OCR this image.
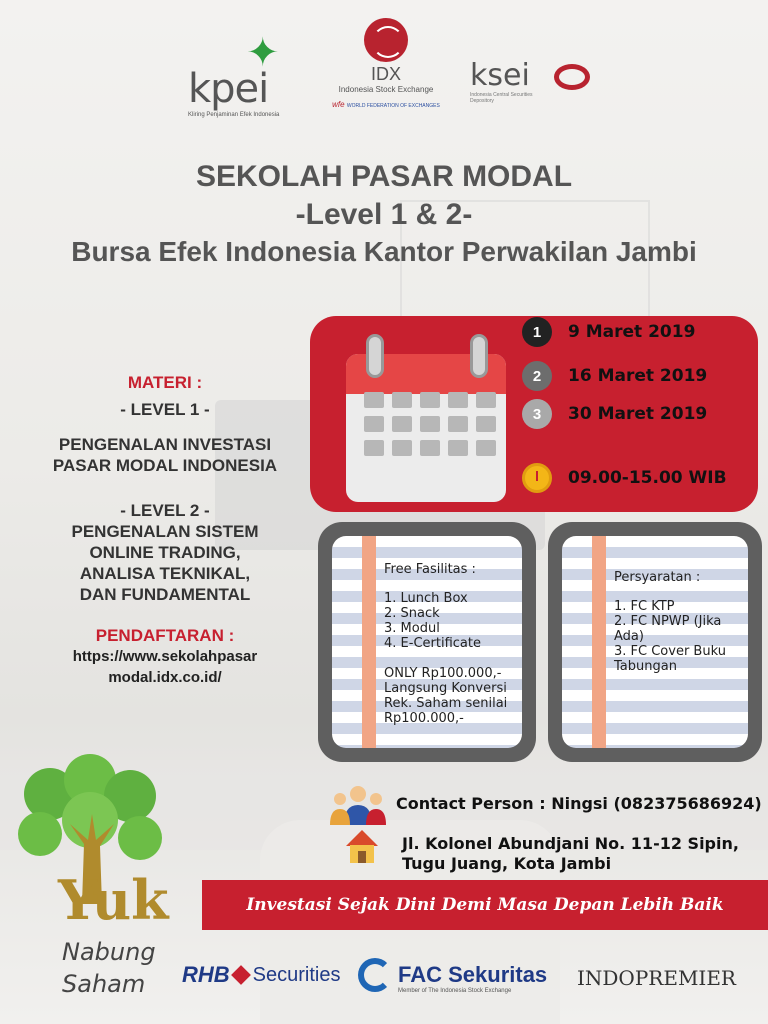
✦
kpei
Kliring Penjaminan Efek Indonesia
IDX
Indonesia Stock Exchange
wfe WORLD FEDERATION OF EXCHANGES
ksei
Indonesia Central Securities Depository
SEKOLAH PASAR MODAL
-Level 1 & 2-
Bursa Efek Indonesia Kantor Perwakilan Jambi

MATERI :

- LEVEL 1 -

PENGENALAN INVESTASI

PASAR MODAL INDONESIA

- LEVEL 2 -

PENGENALAN SISTEM

ONLINE TRADING,

ANALISA TEKNIKAL,

DAN FUNDAMENTAL

PENDAFTARAN :

https://www.sekolahpasar
modal.idx.co.id/

1	9 Maret 2019
2	16 Maret 2019
3	30 Maret 2019
09.00-15.00 WIB

Free Fasilitas :

1. Lunch Box

2. Snack

3. Modul

4. E-Certificate

ONLY Rp100.000,-

Langsung Konversi

Rek. Saham senilai

Rp100.000,-

Persyaratan :

1. FC KTP

2. FC NPWP (Jika

Ada)

3. FC Cover Buku

Tabungan

Contact Person : Ningsi (082375686924)
Jl. Kolonel Abundjani No. 11-12 Sipin,
Tugu Juang, Kota Jambi
Investasi Sejak Dini Demi Masa Depan Lebih Baik
Yuk
Nabung
Saham RHB Securities	FAC Sekuritas
Member of The Indonesia Stock Exchange
INDOPREMIER
